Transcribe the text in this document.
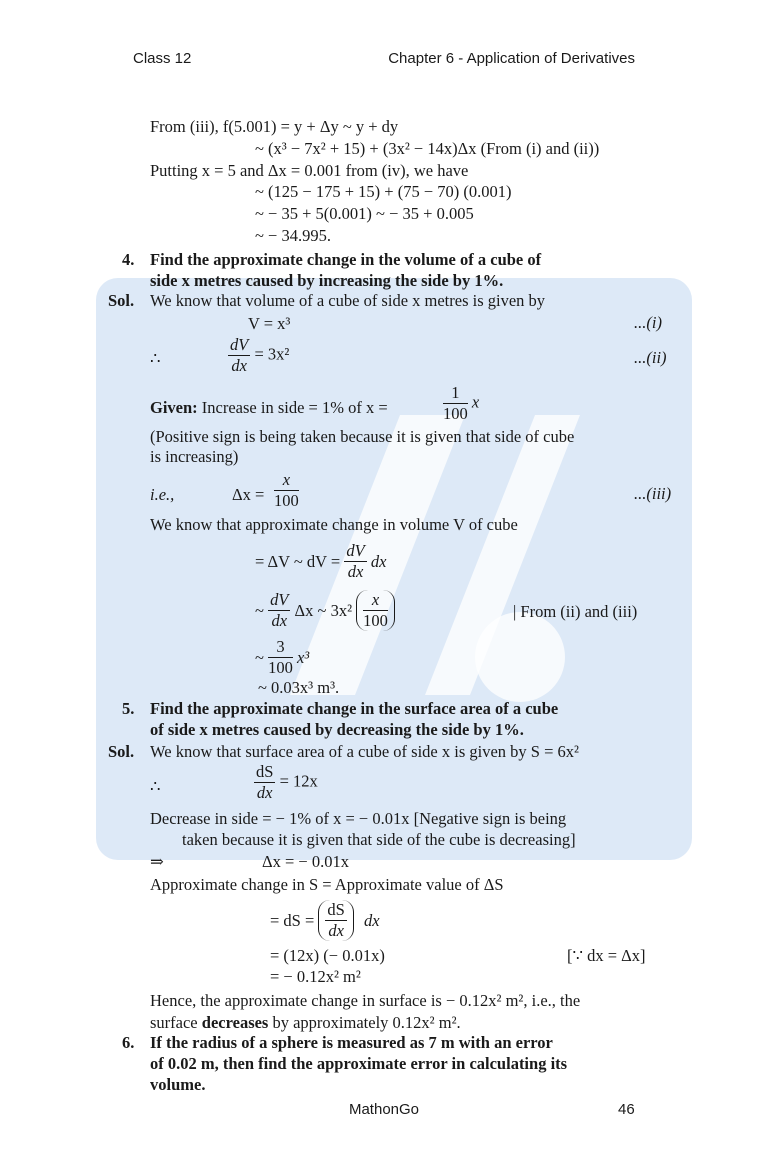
Class 12	Chapter 6 - Application of Derivatives
From (iii), f(5.001) = y + Δy ~ y + dy
~ (x³ − 7x² + 15) + (3x² − 14x)Δx (From (i) and (ii))
Putting x = 5 and Δx = 0.001 from (iv), we have
~ (125 − 175 + 15) + (75 − 70) (0.001)
~ − 35 + 5(0.001) ~ − 35 + 0.005
~ − 34.995.
4. Find the approximate change in the volume of a cube of
side x metres caused by increasing the side by 1%.
Sol. We know that volume of a cube of side x metres is given by
V = x³	...(i)
∴	$\frac{dV}{dx} = 3x^2$	...(ii)
Given: Increase in side = 1% of x =	$\frac{1}{100}$ x
(Positive sign is being taken because it is given that side of cube
is increasing)
i.e.,	$\Delta x = \frac{x}{100}$	...(iii)
We know that approximate change in volume V of cube
= ΔV ~ dV = $\frac{dV}{dx}$ dx
~ $\frac{dV}{dx}$ Δx ~ $3x^2 \frac{x}{100}$	| From (ii) and (iii)
~ $\frac{3}{100} x^3$
~ 0.03x³ m³.
5. Find the approximate change in the surface area of a cube
of side x metres caused by decreasing the side by 1%.
Sol. We know that surface area of a cube of side x is given by S = 6x²
∴	$\frac{dS}{dx} = 12x$
Decrease in side = − 1% of x = − 0.01x [Negative sign is being
taken because it is given that side of the cube is decreasing]
⇒	Δx = − 0.01x
Approximate change in S = Approximate value of ΔS
= dS = $\frac{dS}{dx}$ dx
= (12x) (− 0.01x)	[∵ dx = Δx]
= − 0.12x² m²
Hence, the approximate change in surface is − 0.12x² m², i.e., the
surface decreases by approximately 0.12x² m².
6. If the radius of a sphere is measured as 7 m with an error
of 0.02 m, then find the approximate error in calculating its
volume.
MathonGo	46
